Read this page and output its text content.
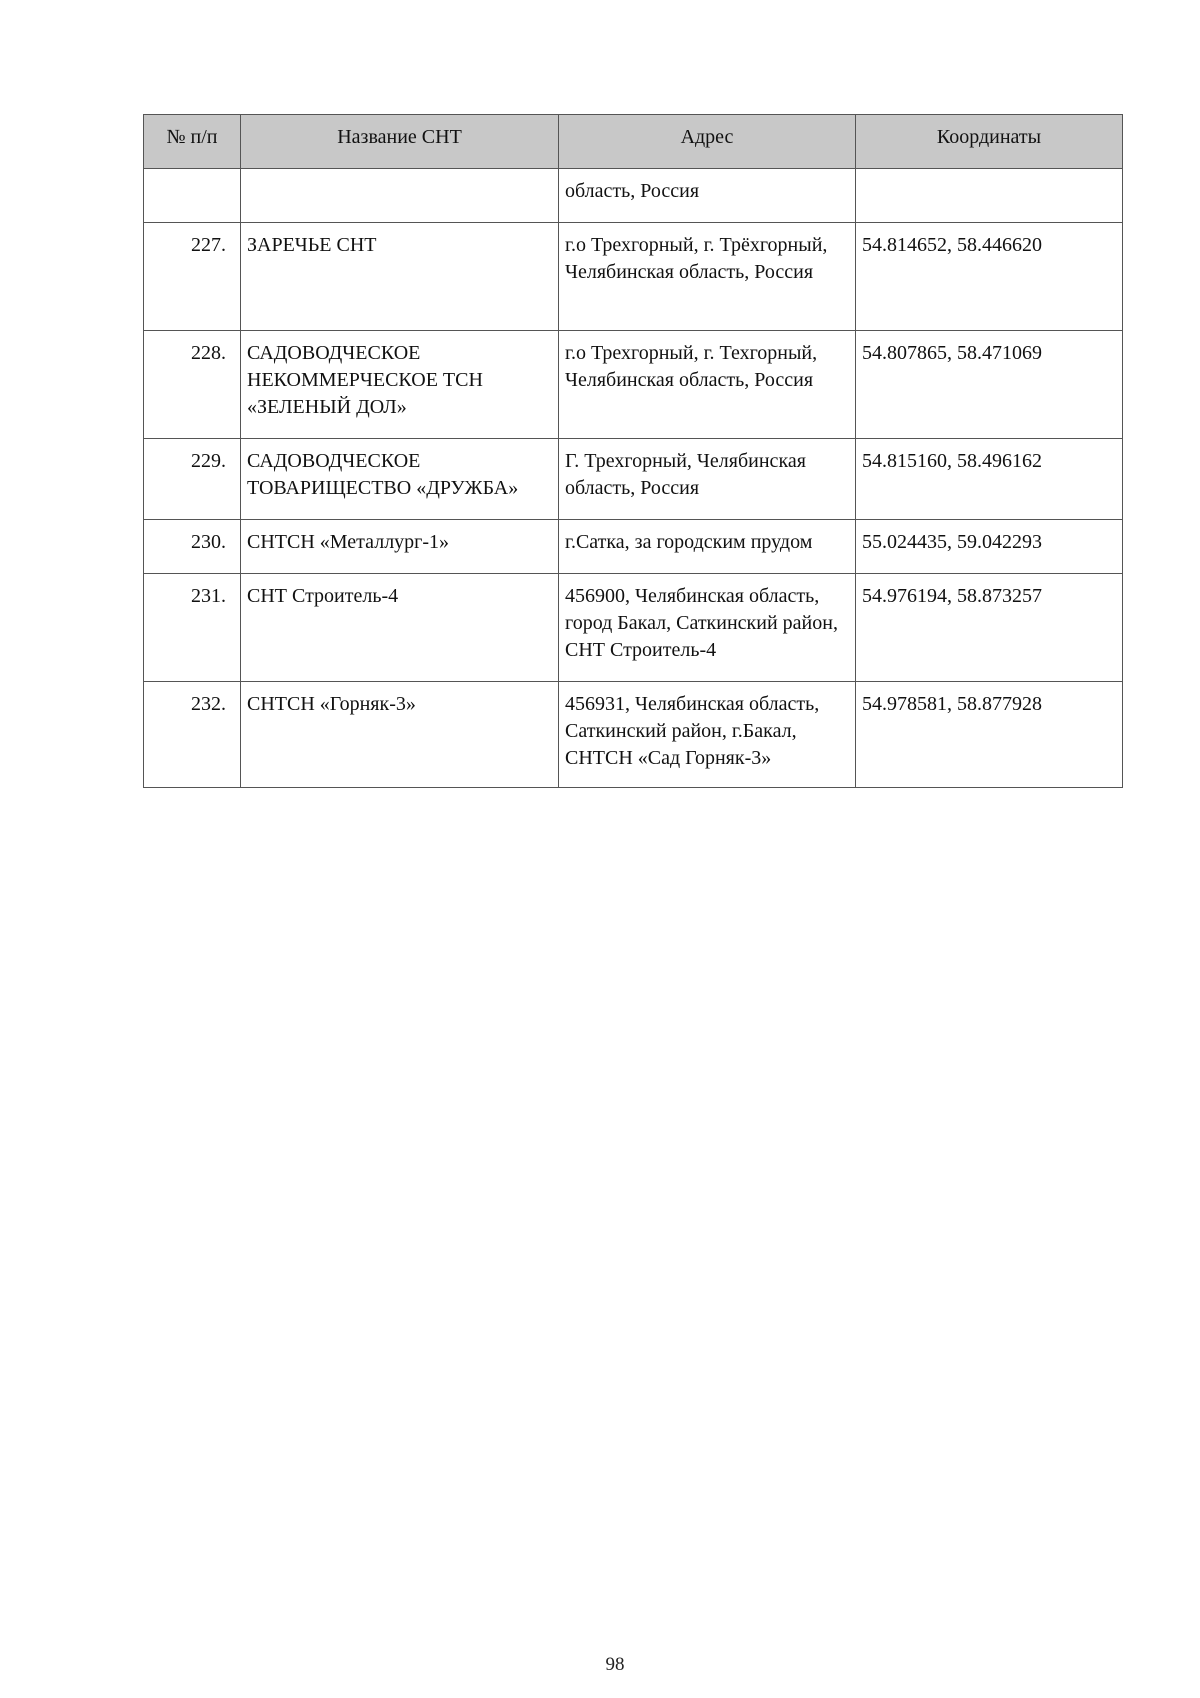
№ п/п	Название СНТ	Адрес	Координаты
		область, Россия	
227.	ЗАРЕЧЬЕ СНТ	г.о Трехгорный, г. Трёхгорный, Челябинская область, Россия	54.814652, 58.446620
228.	САДОВОДЧЕСКОЕ НЕКОММЕРЧЕСКОЕ ТСН «ЗЕЛЕНЫЙ ДОЛ»	г.о Трехгорный, г. Техгорный, Челябинская область, Россия	54.807865, 58.471069
229.	САДОВОДЧЕСКОЕ ТОВАРИЩЕСТВО «ДРУЖБА»	Г. Трехгорный, Челябинская область, Россия	54.815160, 58.496162
230.	СНТСН «Металлург-1»	г.Сатка, за городским прудом	55.024435, 59.042293
231.	СНТ Строитель-4	456900, Челябинская область, город Бакал, Саткинский район, СНТ Строитель-4	54.976194, 58.873257
232.	СНТСН «Горняк-3»	456931, Челябинская область, Саткинский район, г.Бакал, СНТСН «Сад Горняк-3»	54.978581, 58.877928
98
